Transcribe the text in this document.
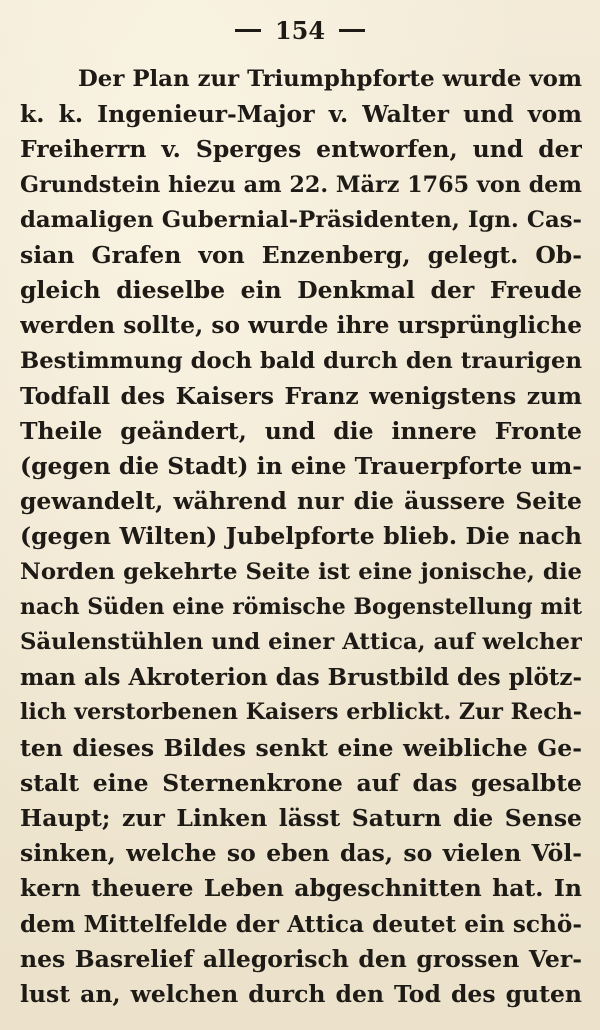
154
Der Plan zur Triumphpforte wurde vom
k. k. Ingenieur-Major v. Walter und vom
Freiherrn v. Sperges entworfen, und der
Grundstein hiezu am 22. März 1765 von dem
damaligen Gubernial-Präsidenten, Ign. Cas-
sian Grafen von Enzenberg, gelegt. Ob-
gleich dieselbe ein Denkmal der Freude
werden sollte, so wurde ihre ursprüngliche
Bestimmung doch bald durch den traurigen
Todfall des Kaisers Franz wenigstens zum
Theile geändert, und die innere Fronte
(gegen die Stadt) in eine Trauerpforte um-
gewandelt, während nur die äussere Seite
(gegen Wilten) Jubelpforte blieb. Die nach
Norden gekehrte Seite ist eine jonische, die
nach Süden eine römische Bogenstellung mit
Säulenstühlen und einer Attica, auf welcher
man als Akroterion das Brustbild des plötz-
lich verstorbenen Kaisers erblickt. Zur Rech-
ten dieses Bildes senkt eine weibliche Ge-
stalt eine Sternenkrone auf das gesalbte
Haupt; zur Linken lässt Saturn die Sense
sinken, welche so eben das, so vielen Völ-
kern theuere Leben abgeschnitten hat. In
dem Mittelfelde der Attica deutet ein schö-
nes Basrelief allegorisch den grossen Ver-
lust an, welchen durch den Tod des guten
